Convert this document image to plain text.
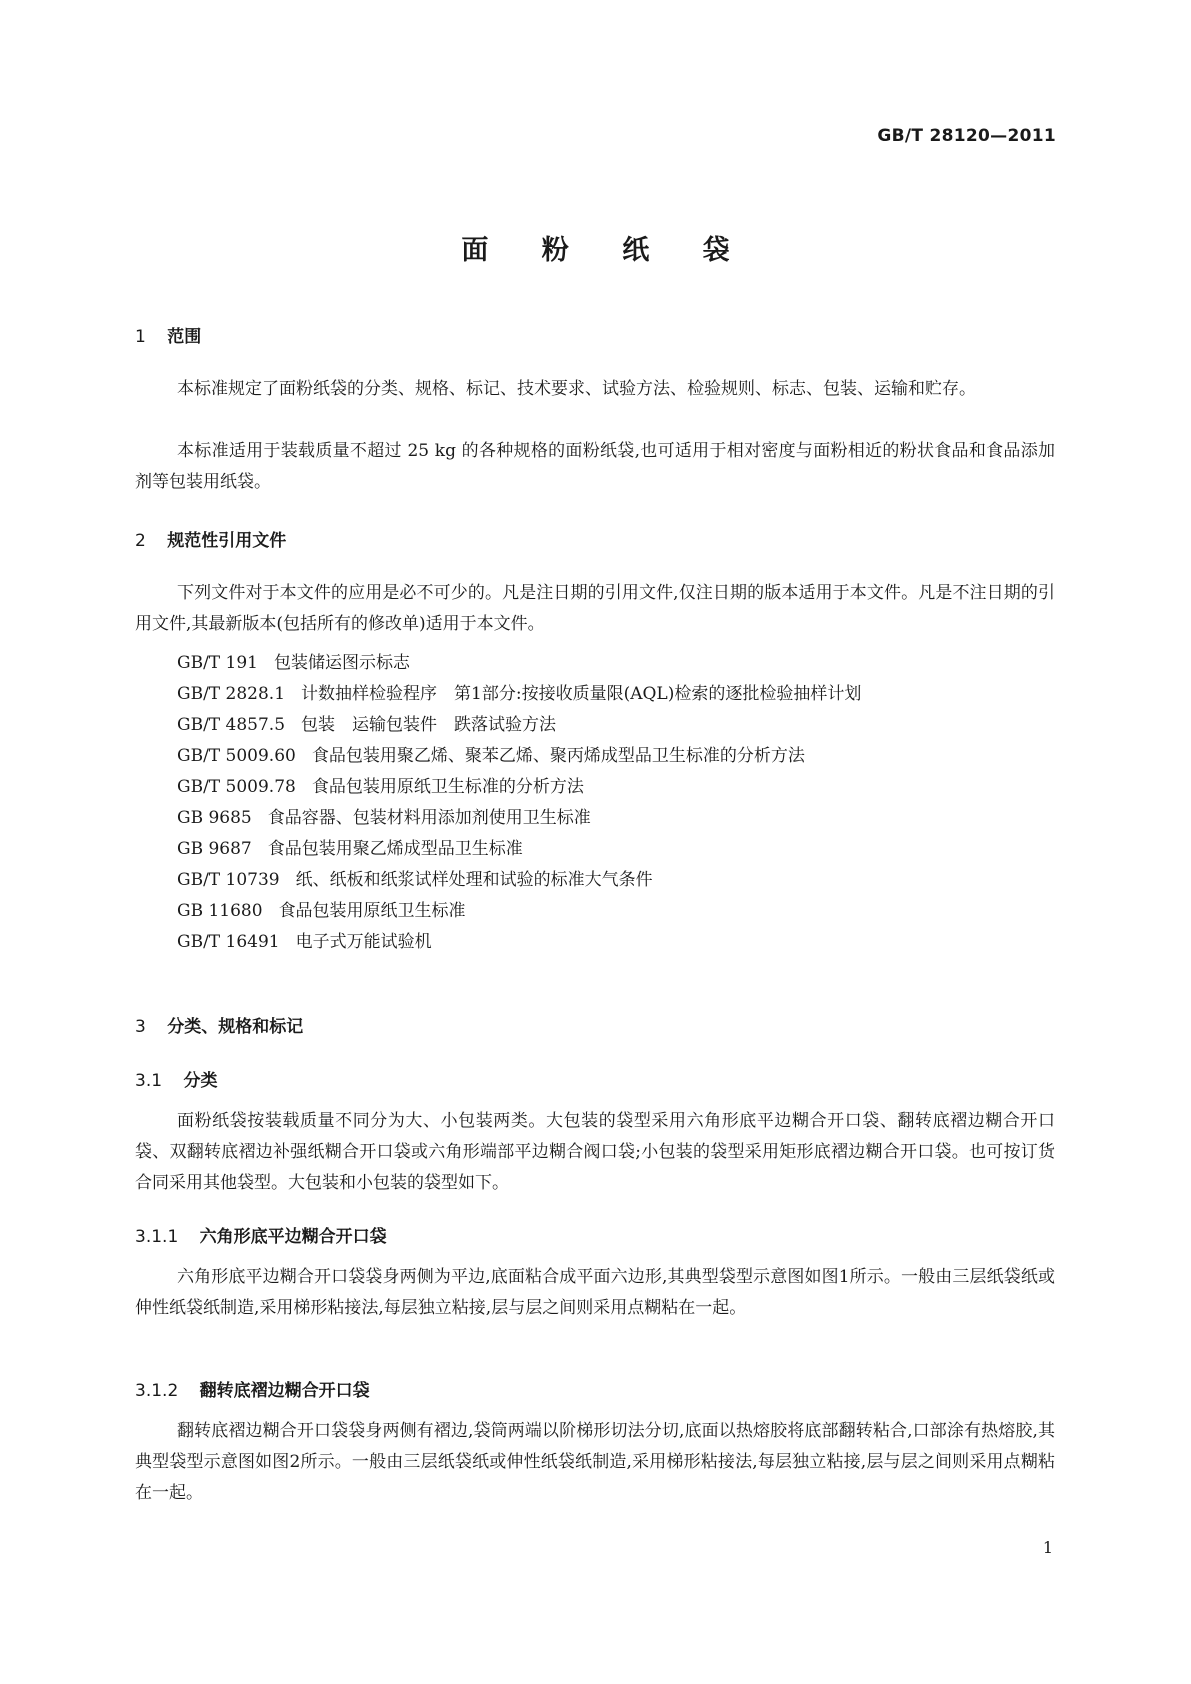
GB/T 28120—2011
面 粉 纸 袋
1 范围
本标准规定了面粉纸袋的分类、规格、标记、技术要求、试验方法、检验规则、标志、包装、运输和贮存。
本标准适用于装载质量不超过 25 kg 的各种规格的面粉纸袋,也可适用于相对密度与面粉相近的粉状食品和食品添加剂等包装用纸袋。
2 规范性引用文件
下列文件对于本文件的应用是必不可少的。凡是注日期的引用文件,仅注日期的版本适用于本文件。凡是不注日期的引用文件,其最新版本(包括所有的修改单)适用于本文件。
GB/T 191 包装储运图示标志
GB/T 2828.1 计数抽样检验程序　第1部分:按接收质量限(AQL)检索的逐批检验抽样计划
GB/T 4857.5 包装　运输包装件　跌落试验方法
GB/T 5009.60 食品包装用聚乙烯、聚苯乙烯、聚丙烯成型品卫生标准的分析方法
GB/T 5009.78 食品包装用原纸卫生标准的分析方法
GB 9685 食品容器、包装材料用添加剂使用卫生标准
GB 9687 食品包装用聚乙烯成型品卫生标准
GB/T 10739 纸、纸板和纸浆试样处理和试验的标准大气条件
GB 11680 食品包装用原纸卫生标准
GB/T 16491 电子式万能试验机
3 分类、规格和标记
3.1 分类
面粉纸袋按装载质量不同分为大、小包装两类。大包装的袋型采用六角形底平边糊合开口袋、翻转底褶边糊合开口袋、双翻转底褶边补强纸糊合开口袋或六角形端部平边糊合阀口袋;小包装的袋型采用矩形底褶边糊合开口袋。也可按订货合同采用其他袋型。大包装和小包装的袋型如下。
3.1.1 六角形底平边糊合开口袋
六角形底平边糊合开口袋袋身两侧为平边,底面粘合成平面六边形,其典型袋型示意图如图1所示。一般由三层纸袋纸或伸性纸袋纸制造,采用梯形粘接法,每层独立粘接,层与层之间则采用点糊粘在一起。
3.1.2 翻转底褶边糊合开口袋
翻转底褶边糊合开口袋袋身两侧有褶边,袋筒两端以阶梯形切法分切,底面以热熔胶将底部翻转粘合,口部涂有热熔胶,其典型袋型示意图如图2所示。一般由三层纸袋纸或伸性纸袋纸制造,采用梯形粘接法,每层独立粘接,层与层之间则采用点糊粘在一起。
1
